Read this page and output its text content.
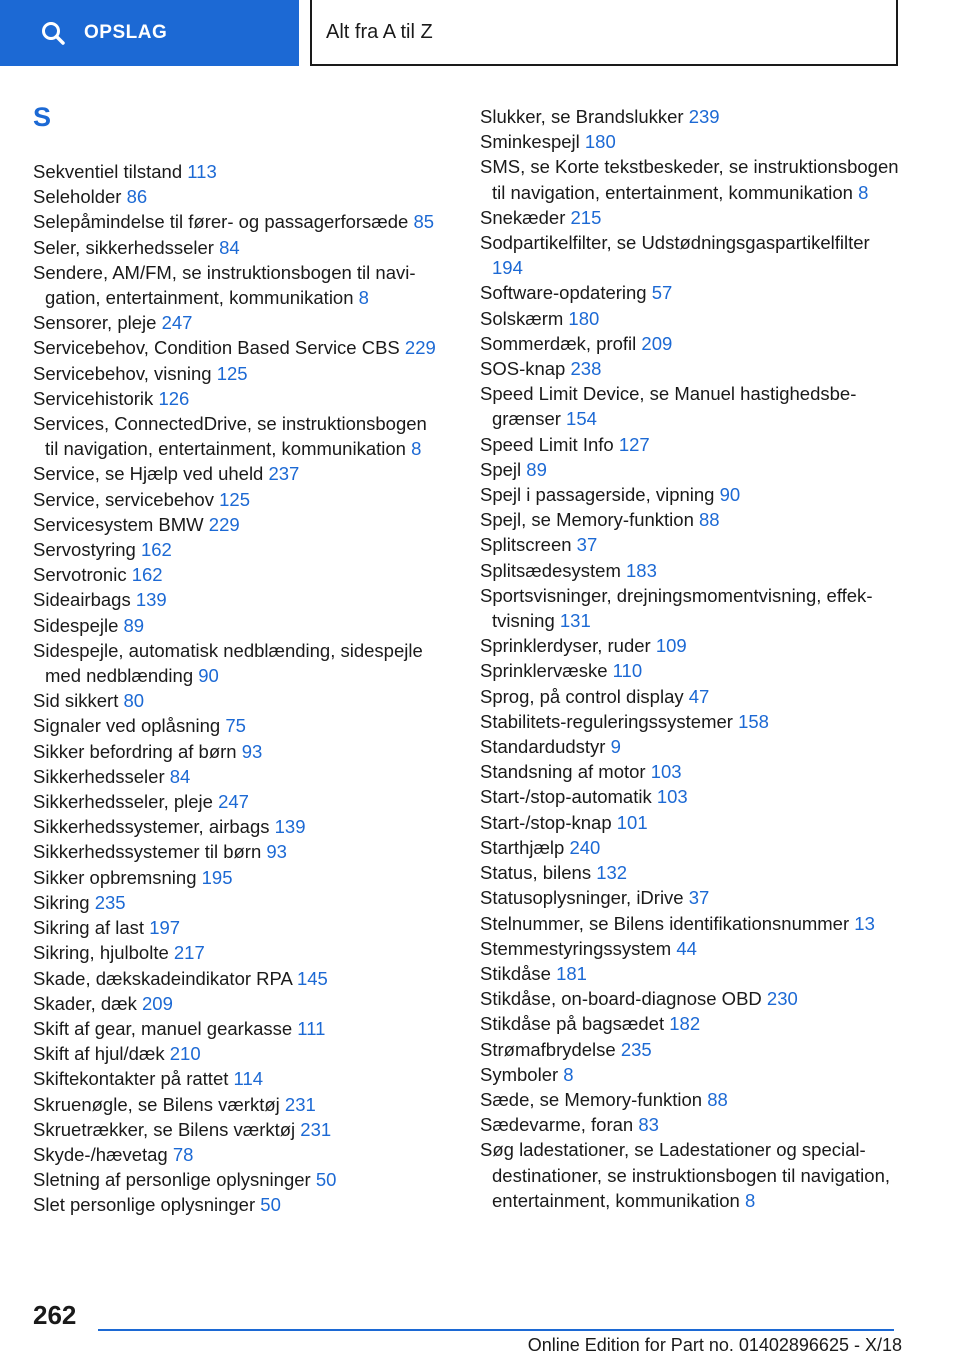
OPSLAG	Alt fra A til Z
S

Sekventiel tilstand 113

Seleholder 86

Selepåmindelse til fører- og passagerforsæde 85

Seler, sikkerhedsseler 84

Sendere, AM/FM, se instruktionsbogen til navigation, entertainment, kommunikation 8

Sensorer, pleje 247

Servicebehov, Condition Based Service CBS 229

Servicebehov, visning 125

Servicehistorik 126

Services, ConnectedDrive, se instruktionsbogen til navigation, entertainment, kommunikation 8

Service, se Hjælp ved uheld 237

Service, servicebehov 125

Servicesystem BMW 229

Servostyring 162

Servotronic 162

Sideairbags 139

Sidespejle 89

Sidespejle, automatisk nedblænding, sidespejle med nedblænding 90

Sid sikkert 80

Signaler ved oplåsning 75

Sikker befordring af børn 93

Sikkerhedsseler 84

Sikkerhedsseler, pleje 247

Sikkerhedssystemer, airbags 139

Sikkerhedssystemer til børn 93

Sikker opbremsning 195

Sikring 235

Sikring af last 197

Sikring, hjulbolte 217

Skade, dækskadeindikator RPA 145

Skader, dæk 209

Skift af gear, manuel gearkasse 111

Skift af hjul/dæk 210

Skiftekontakter på rattet 114

Skruenøgle, se Bilens værktøj 231

Skruetrækker, se Bilens værktøj 231

Skyde-/hævetag 78

Sletning af personlige oplysninger 50

Slet personlige oplysninger 50

Slukker, se Brandslukker 239

Sminkespejl 180

SMS, se Korte tekstbeskeder, se instruktionsbogen til navigation, entertainment, kommunikation 8

Snekæder 215

Sodpartikelfilter, se Udstødningsgaspartikelfilter 194

Software-opdatering 57

Solskærm 180

Sommerdæk, profil 209

SOS-knap 238

Speed Limit Device, se Manuel hastighedsbegrænser 154

Speed Limit Info 127

Spejl 89

Spejl i passagerside, vipning 90

Spejl, se Memory-funktion 88

Splitscreen 37

Splitsædesystem 183

Sportsvisninger, drejningsmomentvisning, effektvisning 131

Sprinklerdyser, ruder 109

Sprinklervæske 110

Sprog, på control display 47

Stabilitets-reguleringssystemer 158

Standardudstyr 9

Standsning af motor 103

Start-/stop-automatik 103

Start-/stop-knap 101

Starthjælp 240

Status, bilens 132

Statusoplysninger, iDrive 37

Stelnummer, se Bilens identifikationsnummer 13

Stemmestyringssystem 44

Stikdåse 181

Stikdåse, on-board-diagnose OBD 230

Stikdåse på bagsædet 182

Strømafbrydelse 235

Symboler 8

Sæde, se Memory-funktion 88

Sædevarme, foran 83

Søg ladestationer, se Ladestationer og specialdestinationer, se instruktionsbogen til navigation, entertainment, kommunikation 8

262
Online Edition for Part no. 01402896625 - X/18
